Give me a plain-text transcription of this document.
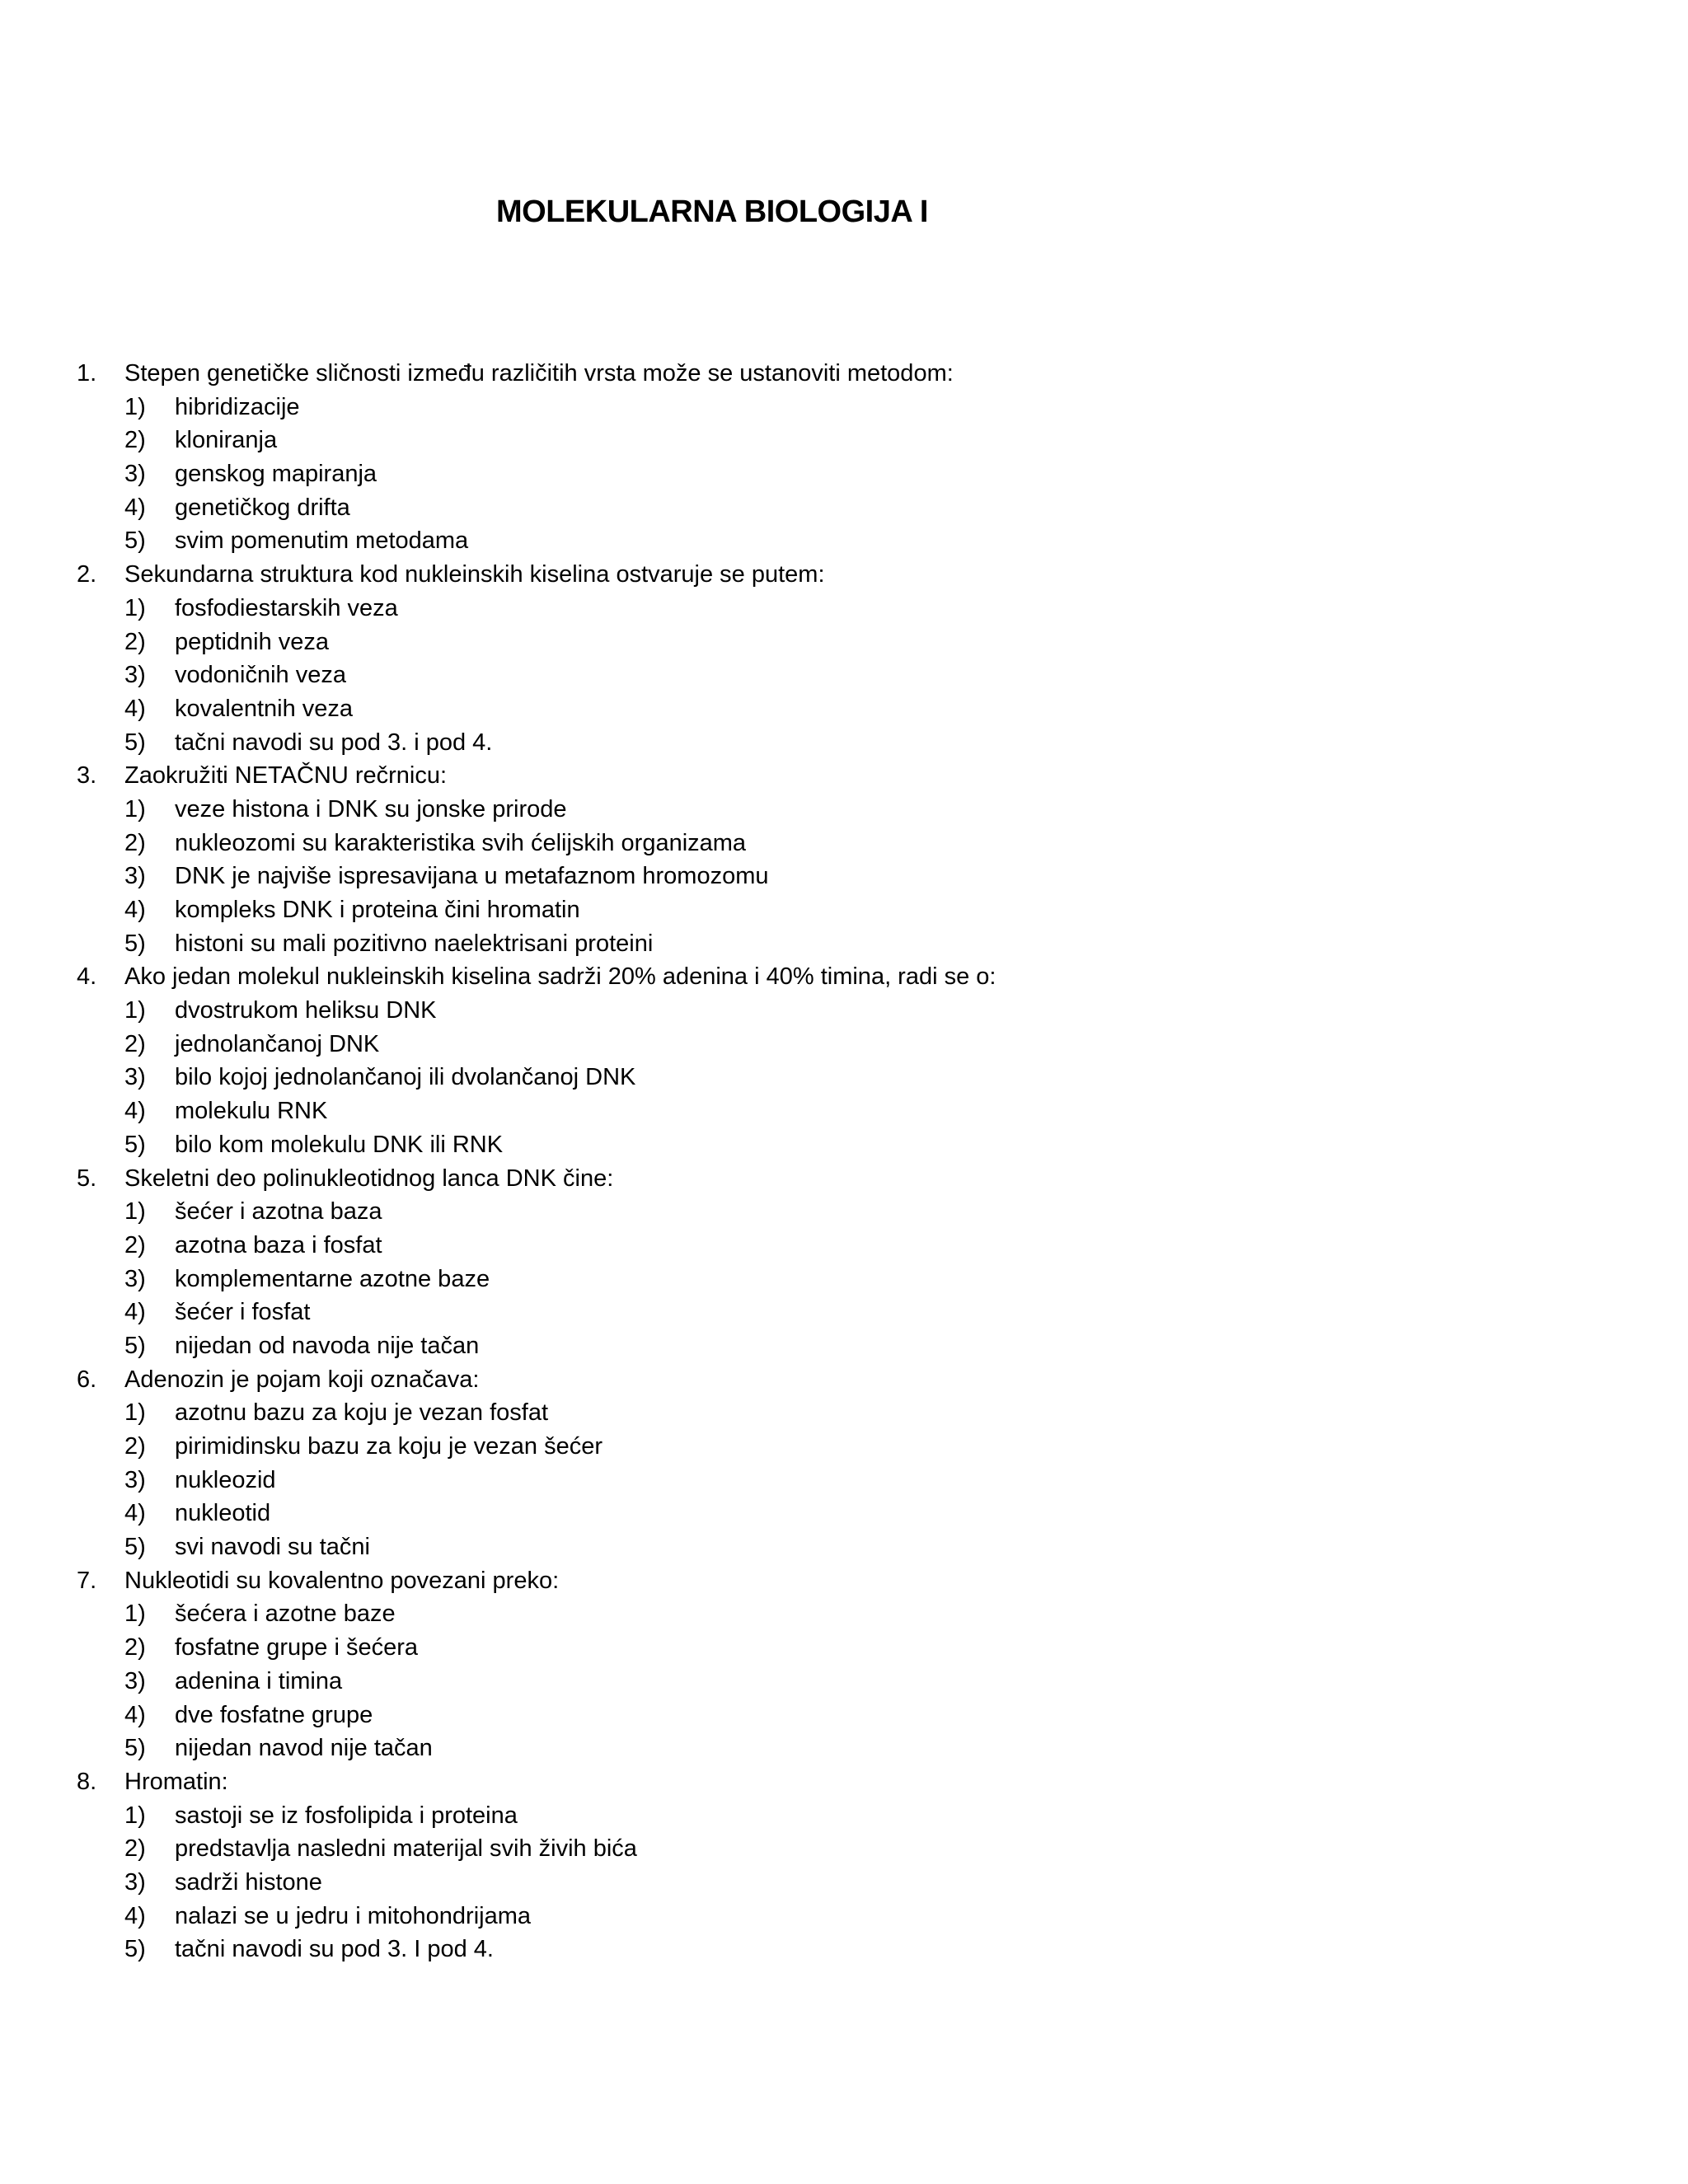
MOLEKULARNA BIOLOGIJA I
1. Stepen genetičke sličnosti između različitih vrsta može se ustanoviti metodom:
1) hibridizacije
2) kloniranja
3) genskog mapiranja
4) genetičkog drifta
5) svim pomenutim metodama
2. Sekundarna struktura kod nukleinskih kiselina ostvaruje se putem:
1) fosfodiestarskih veza
2) peptidnih veza
3) vodoničnih veza
4) kovalentnih veza
5) tačni navodi su pod 3. i pod 4.
3. Zaokružiti NETAČNU rečrnicu:
1) veze histona i DNK su jonske prirode
2) nukleozomi su karakteristika svih ćelijskih organizama
3) DNK je najviše ispresavijana u metafaznom hromozomu
4) kompleks DNK i proteina čini hromatin
5) histoni su mali pozitivno naelektrisani proteini
4. Ako jedan molekul nukleinskih kiselina sadrži 20% adenina i 40% timina, radi se o:
1) dvostrukom heliksu DNK
2) jednolančanoj DNK
3) bilo kojoj jednolančanoj ili dvolančanoj DNK
4) molekulu RNK
5) bilo kom molekulu DNK ili RNK
5. Skeletni deo polinukleotidnog lanca DNK čine:
1) šećer i azotna baza
2) azotna baza i fosfat
3) komplementarne azotne baze
4) šećer i fosfat
5) nijedan od navoda nije tačan
6. Adenozin je pojam koji označava:
1) azotnu bazu za koju je vezan fosfat
2) pirimidinsku bazu za koju je vezan šećer
3) nukleozid
4) nukleotid
5) svi navodi su tačni
7. Nukleotidi su kovalentno povezani preko:
1) šećera i azotne baze
2) fosfatne grupe i šećera
3) adenina i timina
4) dve fosfatne grupe
5) nijedan navod nije tačan
8. Hromatin:
1) sastoji se iz fosfolipida i proteina
2) predstavlja nasledni materijal svih živih bića
3) sadrži histone
4) nalazi se u jedru i mitohondrijama
5) tačni navodi su pod 3. I pod 4.
